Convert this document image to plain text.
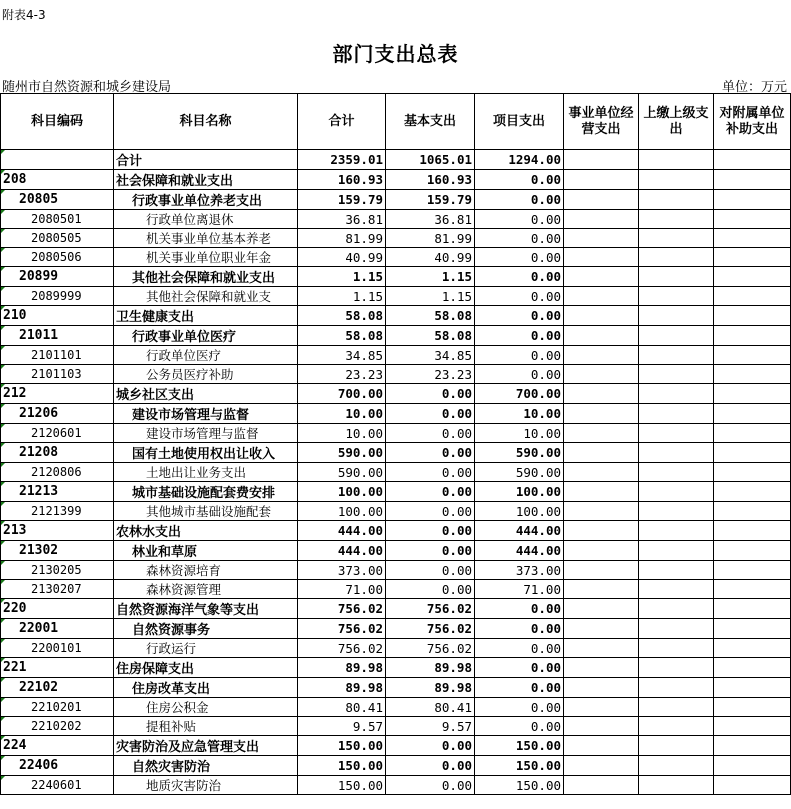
附表4-3
部门支出总表
随州市自然资源和城乡建设局	单位：万元
科目编码	科目名称	合计	基本支出	项目支出	事业单位经营支出	上缴上级支出	对附属单位补助支出
	合计	2359.01	1065.01	1294.00			
208	社会保障和就业支出	160.93	160.93	0.00			
20805	行政事业单位养老支出	159.79	159.79	0.00			
2080501	行政单位离退休	36.81	36.81	0.00			
2080505	机关事业单位基本养老	81.99	81.99	0.00			
2080506	机关事业单位职业年金	40.99	40.99	0.00			
20899	其他社会保障和就业支出	1.15	1.15	0.00			
2089999	其他社会保障和就业支	1.15	1.15	0.00			
210	卫生健康支出	58.08	58.08	0.00			
21011	行政事业单位医疗	58.08	58.08	0.00			
2101101	行政单位医疗	34.85	34.85	0.00			
2101103	公务员医疗补助	23.23	23.23	0.00			
212	城乡社区支出	700.00	0.00	700.00			
21206	建设市场管理与监督	10.00	0.00	10.00			
2120601	建设市场管理与监督	10.00	0.00	10.00			
21208	国有土地使用权出让收入	590.00	0.00	590.00			
2120806	土地出让业务支出	590.00	0.00	590.00			
21213	城市基础设施配套费安排	100.00	0.00	100.00			
2121399	其他城市基础设施配套	100.00	0.00	100.00			
213	农林水支出	444.00	0.00	444.00			
21302	林业和草原	444.00	0.00	444.00			
2130205	森林资源培育	373.00	0.00	373.00			
2130207	森林资源管理	71.00	0.00	71.00			
220	自然资源海洋气象等支出	756.02	756.02	0.00			
22001	自然资源事务	756.02	756.02	0.00			
2200101	行政运行	756.02	756.02	0.00			
221	住房保障支出	89.98	89.98	0.00			
22102	住房改革支出	89.98	89.98	0.00			
2210201	住房公积金	80.41	80.41	0.00			
2210202	提租补贴	9.57	9.57	0.00			
224	灾害防治及应急管理支出	150.00	0.00	150.00			
22406	自然灾害防治	150.00	0.00	150.00			
2240601	地质灾害防治	150.00	0.00	150.00			
